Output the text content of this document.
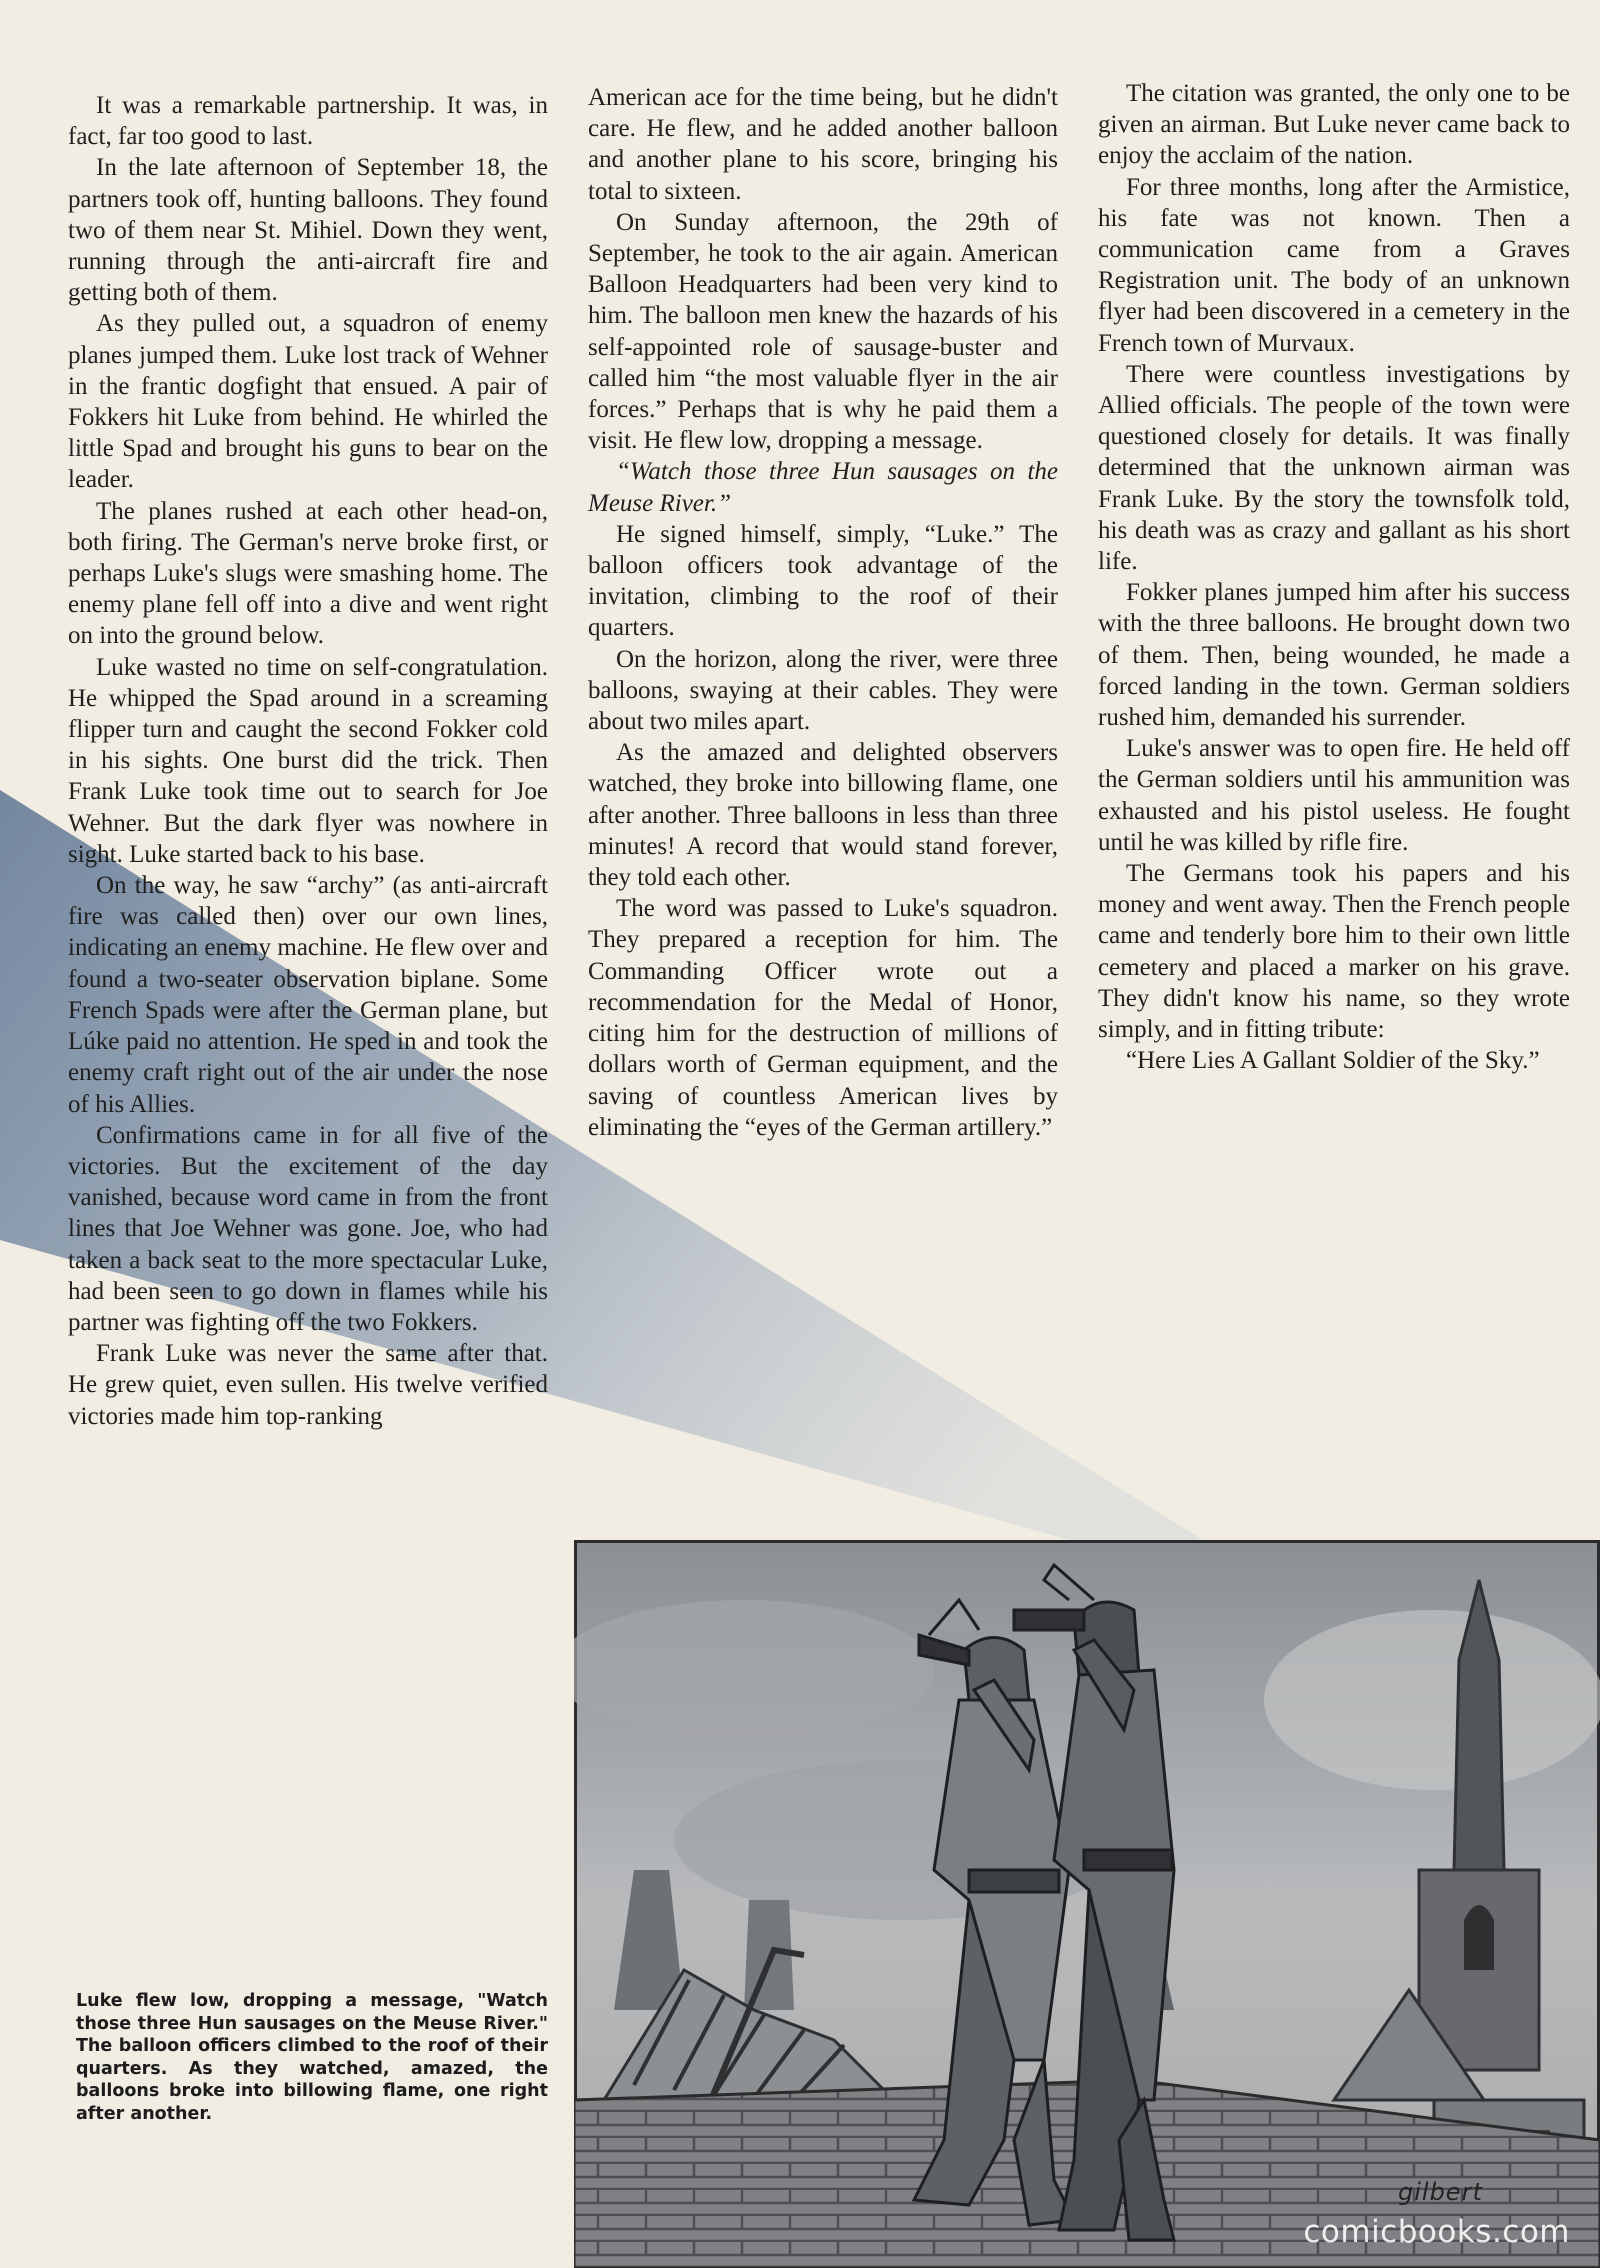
It was a remarkable partnership. It was, in fact, far too good to last.

In the late afternoon of September 18, the partners took off, hunting balloons. They found two of them near St. Mihiel. Down they went, running through the anti-aircraft fire and getting both of them.

As they pulled out, a squadron of enemy planes jumped them. Luke lost track of Wehner in the frantic dogfight that ensued. A pair of Fokkers hit Luke from behind. He whirled the little Spad and brought his guns to bear on the leader.

The planes rushed at each other head-on, both firing. The German's nerve broke first, or perhaps Luke's slugs were smashing home. The enemy plane fell off into a dive and went right on into the ground below.

Luke wasted no time on self-congratulation. He whipped the Spad around in a screaming flipper turn and caught the second Fokker cold in his sights. One burst did the trick. Then Frank Luke took time out to search for Joe Wehner. But the dark flyer was nowhere in sight. Luke started back to his base.

On the way, he saw “archy” (as anti-aircraft fire was called then) over our own lines, indicating an enemy machine. He flew over and found a two-seater observation biplane. Some French Spads were after the German plane, but Lúke paid no attention. He sped in and took the enemy craft right out of the air under the nose of his Allies.

Confirmations came in for all five of the victories. But the excitement of the day vanished, because word came in from the front lines that Joe Wehner was gone. Joe, who had taken a back seat to the more spectacular Luke, had been seen to go down in flames while his partner was fighting off the two Fokkers.

Frank Luke was never the same after that. He grew quiet, even sullen. His twelve verified victories made him top-ranking

American ace for the time being, but he didn't care. He flew, and he added another balloon and another plane to his score, bringing his total to sixteen.

On Sunday afternoon, the 29th of September, he took to the air again. American Balloon Headquarters had been very kind to him. The balloon men knew the hazards of his self-appointed role of sausage-buster and called him “the most valuable flyer in the air forces.” Perhaps that is why he paid them a visit. He flew low, dropping a message.

“Watch those three Hun sausages on the Meuse River.”

He signed himself, simply, “Luke.” The balloon officers took advantage of the invitation, climbing to the roof of their quarters.

On the horizon, along the river, were three balloons, swaying at their cables. They were about two miles apart.

As the amazed and delighted observers watched, they broke into billowing flame, one after another. Three balloons in less than three minutes! A record that would stand forever, they told each other.

The word was passed to Luke's squadron. They prepared a reception for him. The Commanding Officer wrote out a recommendation for the Medal of Honor, citing him for the destruction of millions of dollars worth of German equipment, and the saving of countless American lives by eliminating the “eyes of the German artillery.”

The citation was granted, the only one to be given an airman. But Luke never came back to enjoy the acclaim of the nation.

For three months, long after the Armistice, his fate was not known. Then a communication came from a Graves Registration unit. The body of an unknown flyer had been discovered in a cemetery in the French town of Murvaux.

There were countless investigations by Allied officials. The people of the town were questioned closely for details. It was finally determined that the unknown airman was Frank Luke. By the story the townsfolk told, his death was as crazy and gallant as his short life.

Fokker planes jumped him after his success with the three balloons. He brought down two of them. Then, being wounded, he made a forced landing in the town. German soldiers rushed him, demanded his surrender.

Luke's answer was to open fire. He held off the German soldiers until his ammunition was exhausted and his pistol useless. He fought until he was killed by rifle fire.

The Germans took his papers and his money and went away. Then the French people came and tenderly bore him to their own little cemetery and placed a marker on his grave. They didn't know his name, so they wrote simply, and in fitting tribute:

“Here Lies A Gallant Soldier of the Sky.”

Luke flew low, dropping a message, "Watch those three Hun sausages on the Meuse River." The balloon officers climbed to the roof of their quarters. As they watched, amazed, the balloons broke into billowing flame, one right after another.
gilbert
comicbooks.com
